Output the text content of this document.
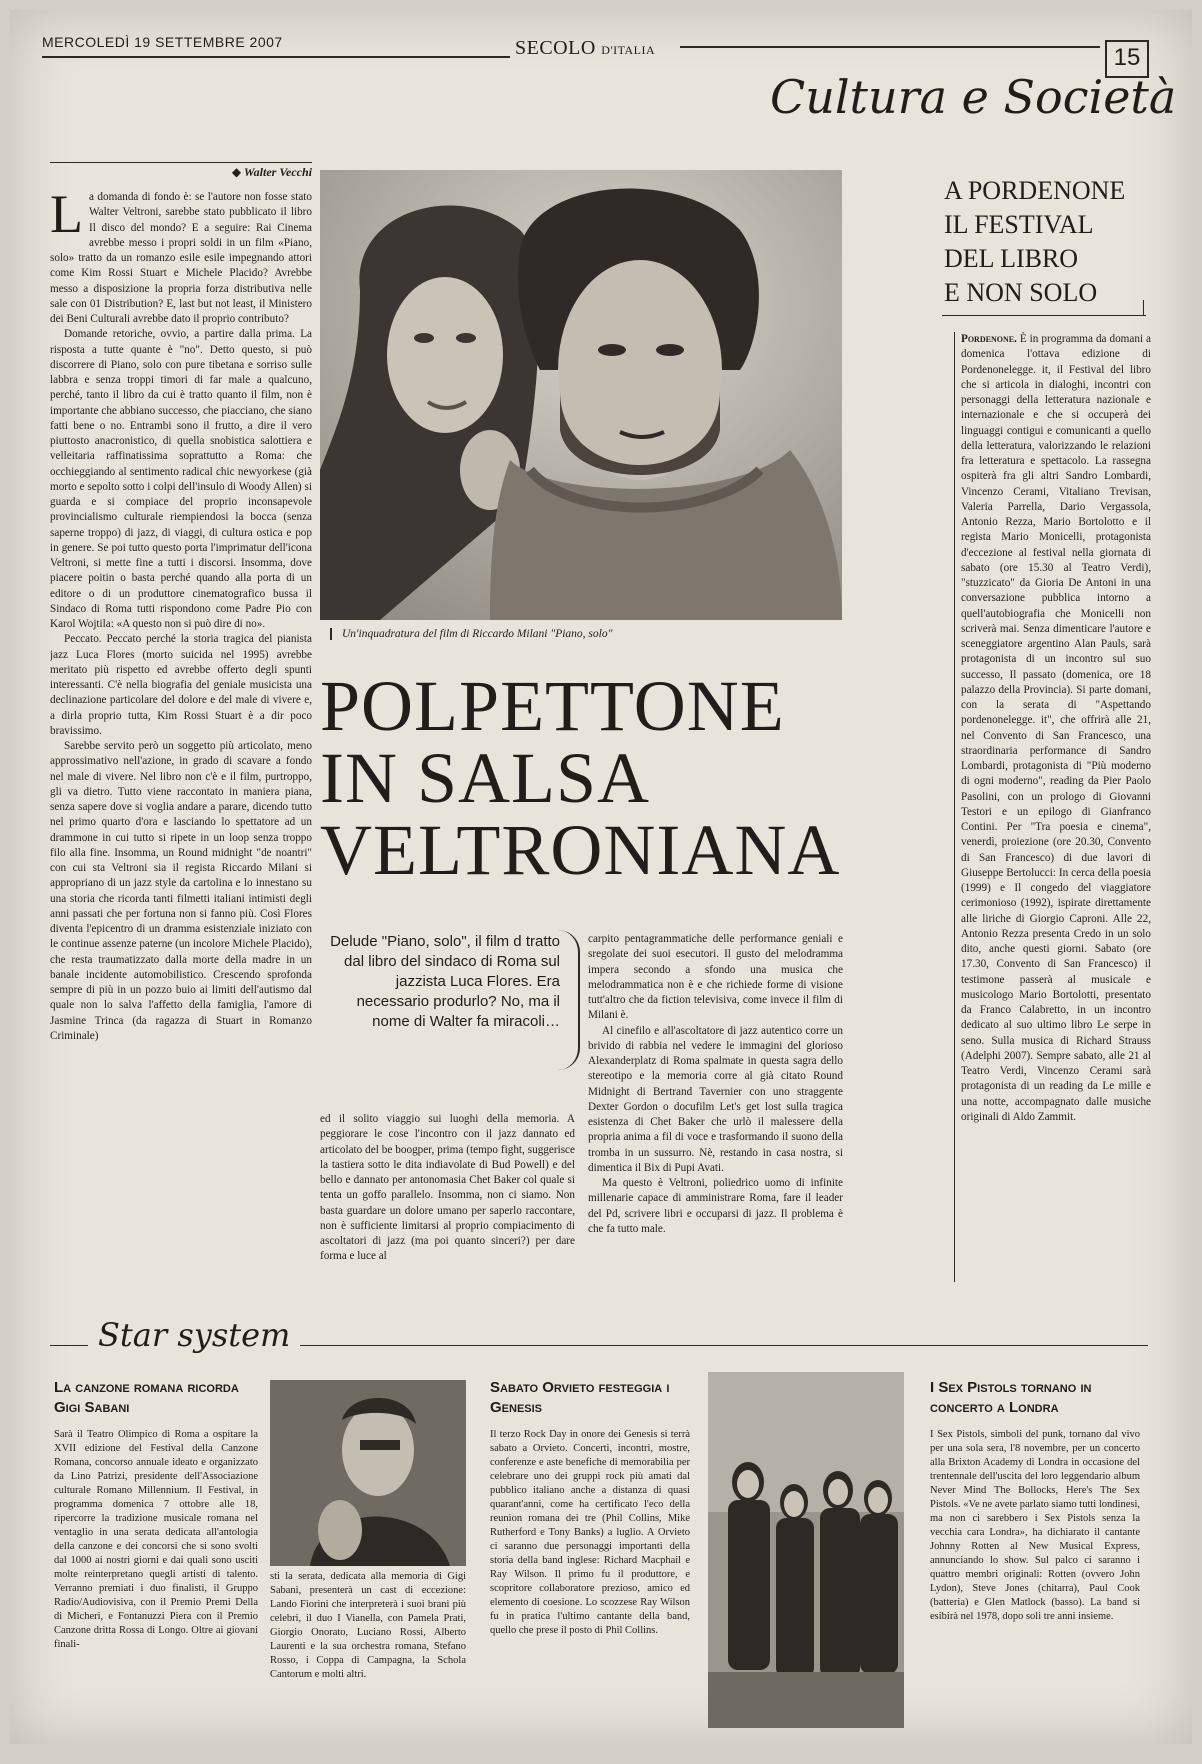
MERCOLEDÌ 19 SETTEMBRE 2007	SECOLO D'ITALIA	15
Cultura e Società
◆ Walter Vecchi

La domanda di fondo è: se l'autore non fosse stato Walter Veltroni, sarebbe stato pubblicato il libro Il disco del mondo? E a seguire: Rai Cinema avrebbe messo i propri soldi in un film «Piano, solo» tratto da un romanzo esile esile impegnando attori come Kim Rossi Stuart e Michele Placido? Avrebbe messo a disposizione la propria forza distributiva nelle sale con 01 Distribution? E, last but not least, il Ministero dei Beni Culturali avrebbe dato il proprio contributo?

Domande retoriche, ovvio, a partire dalla prima. La risposta a tutte quante è "no". Detto questo, si può discorrere di Piano, solo con pure tibetana e sorriso sulle labbra e senza troppi timori di far male a qualcuno, perché, tanto il libro da cui è tratto quanto il film, non è importante che abbiano successo, che piacciano, che siano fatti bene o no. Entrambi sono il frutto, a dire il vero piuttosto anacronistico, di quella snobistica salottiera e velleitaria raffinatissima soprattutto a Roma: che occhieggiando al sentimento radical chic newyorkese (già morto e sepolto sotto i colpi dell'insulo di Woody Allen) si guarda e si compiace del proprio inconsapevole provincialismo culturale riempiendosi la bocca (senza saperne troppo) di jazz, di viaggi, di cultura ostica e pop in genere. Se poi tutto questo porta l'imprimatur dell'icona Veltroni, si mette fine a tutti i discorsi. Insomma, dove piacere poitin o basta perché quando alla porta di un editore o di un produttore cinematografico bussa il Sindaco di Roma tutti rispondono come Padre Pio con Karol Wojtila: «A questo non si può dire di no».

Peccato. Peccato perché la storia tragica del pianista jazz Luca Flores (morto suicida nel 1995) avrebbe meritato più rispetto ed avrebbe offerto degli spunti interessanti. C'è nella biografia del geniale musicista una declinazione particolare del dolore e del male di vivere e, a dirla proprio tutta, Kim Rossi Stuart è a dir poco bravissimo.

Sarebbe servito però un soggetto più articolato, meno approssimativo nell'azione, in grado di scavare a fondo nel male di vivere. Nel libro non c'è e il film, purtroppo, gli va dietro. Tutto viene raccontato in maniera piana, senza sapere dove si voglia andare a parare, dicendo tutto nel primo quarto d'ora e lasciando lo spettatore ad un drammone in cui tutto si ripete in un loop senza troppo filo alla fine. Insomma, un Round midnight "de noantri" con cui sta Veltroni sia il regista Riccardo Milani si appropriano di un jazz style da cartolina e lo innestano su una storia che ricorda tanti filmetti italiani intimisti degli anni passati che per fortuna non si fanno più. Così Flores diventa l'epicentro di un dramma esistenziale iniziato con le continue assenze paterne (un incolore Michele Placido), che resta traumatizzato dalla morte della madre in un banale incidente automobilistico. Crescendo sprofonda sempre di più in un pozzo buio ai limiti dell'autismo dal quale non lo salva l'affetto della famiglia, l'amore di Jasmine Trinca (da ragazza di Stuart in Romanzo Criminale)

Un'inquadratura del film di Riccardo Milani "Piano, solo"
POLPETTONE
IN SALSA
VELTRONIANA
Delude "Piano, solo", il film d tratto dal libro del sindaco di Roma sul jazzista Luca Flores. Era necessario produrlo? No, ma il nome di Walter fa miracoli…

ed il solito viaggio sui luoghi della memoria. A peggiorare le cose l'incontro con il jazz dannato ed articolato del be boogper, prima (tempo fight, suggerisce la tastiera sotto le dita indiavolate di Bud Powell) e del bello e dannato per antonomasia Chet Baker col quale si tenta un goffo parallelo. Insomma, non ci siamo. Non basta guardare un dolore umano per saperlo raccontare, non è sufficiente limitarsi al proprio compiacimento di ascoltatori di jazz (ma poi quanto sinceri?) per dare forma e luce al

carpito pentagrammatiche delle performance geniali e sregolate dei suoi esecutori. Il gusto del melodramma impera secondo a sfondo una musica che melodrammatica non è e che richiede forme di visione tutt'altro che da fiction televisiva, come invece il film di Milani è.

Al cinefilo e all'ascoltatore di jazz autentico corre un brivido di rabbia nel vedere le immagini del glorioso Alexanderplatz di Roma spalmate in questa sagra dello stereotipo e la memoria corre al già citato Round Midnight di Bertrand Tavernier con uno straggente Dexter Gordon o docufilm Let's get lost sulla tragica esistenza di Chet Baker che urlò il malessere della propria anima a fil di voce e trasformando il suono della tromba in un sussurro. Nè, restando in casa nostra, si dimentica il Bix di Pupi Avati.

Ma questo è Veltroni, poliedrico uomo di infinite millenarie capace di amministrare Roma, fare il leader del Pd, scrivere libri e occuparsi di jazz. Il problema è che fa tutto male.

A PORDENONE
IL FESTIVAL
DEL LIBRO
E NON SOLO

Pordenone. È in programma da domani a domenica l'ottava edizione di Pordenonelegge. it, il Festival del libro che si articola in dialoghi, incontri con personaggi della letteratura nazionale e internazionale e che si occuperà dei linguaggi contigui e comunicanti a quello della letteratura, valorizzando le relazioni fra letteratura e spettacolo. La rassegna ospiterà fra gli altri Sandro Lombardi, Vincenzo Cerami, Vitaliano Trevisan, Valeria Parrella, Dario Vergassola, Antonio Rezza, Mario Bortolotto e il regista Mario Monicelli, protagonista d'eccezione al festival nella giornata di sabato (ore 15.30 al Teatro Verdi), "stuzzicato" da Gioria De Antoni in una conversazione pubblica intorno a quell'autobiografia che Monicelli non scriverà mai. Senza dimenticare l'autore e sceneggiatore argentino Alan Pauls, sarà protagonista di un incontro sul suo successo, Il passato (domenica, ore 18 palazzo della Provincia). Si parte domani, con la serata di "Aspettando pordenonelegge. it", che offrirà alle 21, nel Convento di San Francesco, una straordinaria performance di Sandro Lombardi, protagonista di "Più moderno di ogni moderno", reading da Pier Paolo Pasolini, con un prologo di Giovanni Testori e un epilogo di Gianfranco Contini. Per "Tra poesia e cinema", venerdì, proiezione (ore 20.30, Convento di San Francesco) di due lavori di Giuseppe Bertolucci: In cerca della poesia (1999) e Il congedo del viaggiatore cerimonioso (1992), ispirate direttamente alle liriche di Giorgio Caproni. Alle 22, Antonio Rezza presenta Credo in un solo dito, anche questi giorni. Sabato (ore 17.30, Convento di San Francesco) il testimone passerà al musicale e musicologo Mario Bortolotti, presentato da Franco Calabretto, in un incontro dedicato al suo ultimo libro Le serpe in seno. Sulla musica di Richard Strauss (Adelphi 2007). Sempre sabato, alle 21 al Teatro Verdi, Vincenzo Cerami sarà protagonista di un reading da Le mille e una notte, accompagnato dalle musiche originali di Aldo Zammit.

Star system
La canzone romana ricorda Gigi Sabani

Sarà il Teatro Olimpico di Roma a ospitare la XVII edizione del Festival della Canzone Romana, concorso annuale ideato e organizzato da Lino Patrizi, presidente dell'Associazione culturale Romano Millennium. Il Festival, in programma domenica 7 ottobre alle 18, ripercorre la tradizione musicale romana nel ventaglio in una serata dedicata all'antologia della canzone e dei concorsi che si sono svolti dal 1000 ai nostri giorni e dai quali sono usciti molte reinterpretano quegli artisti di talento. Verranno premiati i duo finalisti, il Gruppo Radio/Audiovisiva, con il Premio Premi Della di Micheri, e Fontanuzzi Piera con il Premio Canzone dritta Rossa di Longo. Oltre ai giovani finali-

sti la serata, dedicata alla memoria di Gigi Sabani, presenterà un cast di eccezione: Lando Fiorini che interpreterà i suoi brani più celebri, il duo I Vianella, con Pamela Prati, Giorgio Onorato, Luciano Rossi, Alberto Laurenti e la sua orchestra romana, Stefano Rosso, i Coppa di Campagna, la Schola Cantorum e molti altri.

Sabato Orvieto festeggia i Genesis

Il terzo Rock Day in onore dei Genesis si terrà sabato a Orvieto. Concerti, incontri, mostre, conferenze e aste benefiche di memorabilia per celebrare uno dei gruppi rock più amati dal pubblico italiano anche a distanza di quasi quarant'anni, come ha certificato l'eco della reunion romana dei tre (Phil Collins, Mike Rutherford e Tony Banks) a luglio. A Orvieto ci saranno due personaggi importanti della storia della band inglese: Richard Macphail e Ray Wilson. Il primo fu il produttore, e scopritore collaboratore prezioso, amico ed elemento di coesione. Lo scozzese Ray Wilson fu in pratica l'ultimo cantante della band, quello che prese il posto di Phil Collins.

I Sex Pistols tornano in concerto a Londra

I Sex Pistols, simboli del punk, tornano dal vivo per una sola sera, l'8 novembre, per un concerto alla Brixton Academy di Londra in occasione del trentennale dell'uscita del loro leggendario album Never Mind The Bollocks, Here's The Sex Pistols. «Ve ne avete parlato siamo tutti londinesi, ma non ci sarebbero i Sex Pistols senza la vecchia cara Londra», ha dichiarato il cantante Johnny Rotten al New Musical Express, annunciando lo show. Sul palco ci saranno i quattro membri originali: Rotten (ovvero John Lydon), Steve Jones (chitarra), Paul Cook (batteria) e Glen Matlock (basso). La band si esibirà nel 1978, dopo soli tre anni insieme.
